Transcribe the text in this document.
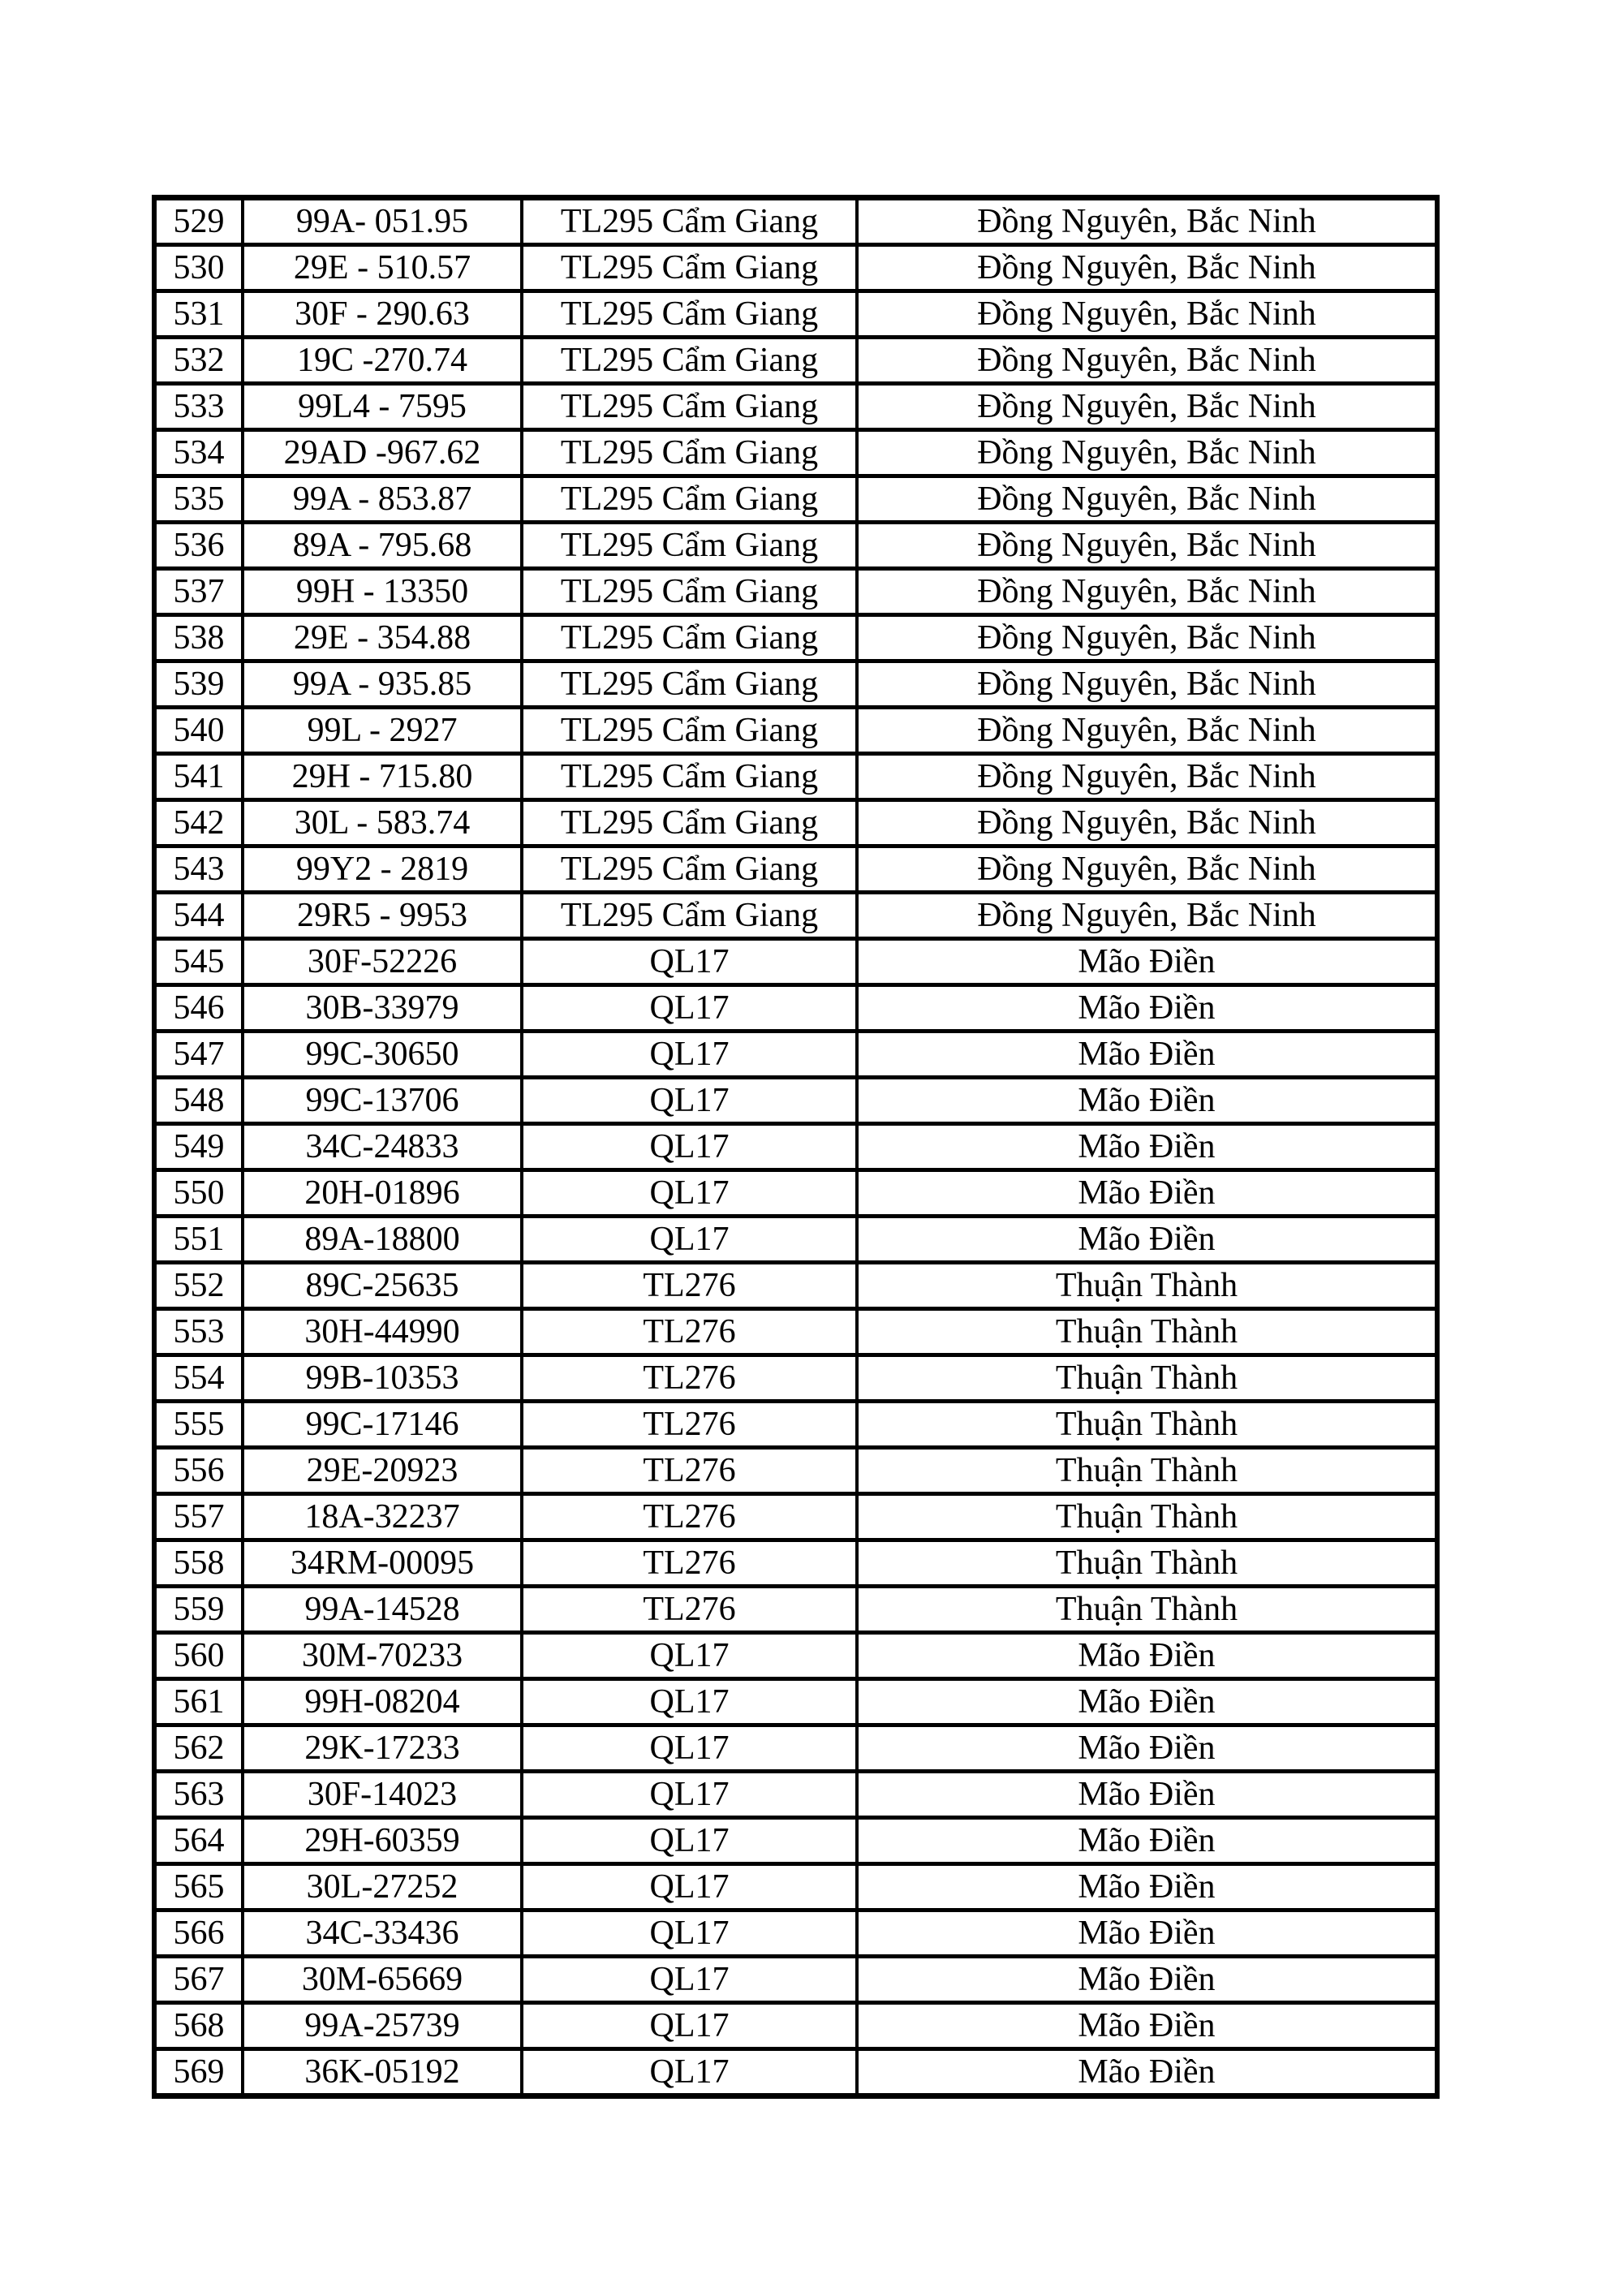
529	99A- 051.95	TL295 Cẩm Giang	Đồng Nguyên, Bắc Ninh
530	29E - 510.57	TL295 Cẩm Giang	Đồng Nguyên, Bắc Ninh
531	30F - 290.63	TL295 Cẩm Giang	Đồng Nguyên, Bắc Ninh
532	19C -270.74	TL295 Cẩm Giang	Đồng Nguyên, Bắc Ninh
533	99L4 - 7595	TL295 Cẩm Giang	Đồng Nguyên, Bắc Ninh
534	29AD -967.62	TL295 Cẩm Giang	Đồng Nguyên, Bắc Ninh
535	99A - 853.87	TL295 Cẩm Giang	Đồng Nguyên, Bắc Ninh
536	89A - 795.68	TL295 Cẩm Giang	Đồng Nguyên, Bắc Ninh
537	99H - 13350	TL295 Cẩm Giang	Đồng Nguyên, Bắc Ninh
538	29E - 354.88	TL295 Cẩm Giang	Đồng Nguyên, Bắc Ninh
539	99A - 935.85	TL295 Cẩm Giang	Đồng Nguyên, Bắc Ninh
540	99L - 2927	TL295 Cẩm Giang	Đồng Nguyên, Bắc Ninh
541	29H - 715.80	TL295 Cẩm Giang	Đồng Nguyên, Bắc Ninh
542	30L - 583.74	TL295 Cẩm Giang	Đồng Nguyên, Bắc Ninh
543	99Y2 - 2819	TL295 Cẩm Giang	Đồng Nguyên, Bắc Ninh
544	29R5 - 9953	TL295 Cẩm Giang	Đồng Nguyên, Bắc Ninh
545	30F-52226	QL17	Mão Điền
546	30B-33979	QL17	Mão Điền
547	99C-30650	QL17	Mão Điền
548	99C-13706	QL17	Mão Điền
549	34C-24833	QL17	Mão Điền
550	20H-01896	QL17	Mão Điền
551	89A-18800	QL17	Mão Điền
552	89C-25635	TL276	Thuận Thành
553	30H-44990	TL276	Thuận Thành
554	99B-10353	TL276	Thuận Thành
555	99C-17146	TL276	Thuận Thành
556	29E-20923	TL276	Thuận Thành
557	18A-32237	TL276	Thuận Thành
558	34RM-00095	TL276	Thuận Thành
559	99A-14528	TL276	Thuận Thành
560	30M-70233	QL17	Mão Điền
561	99H-08204	QL17	Mão Điền
562	29K-17233	QL17	Mão Điền
563	30F-14023	QL17	Mão Điền
564	29H-60359	QL17	Mão Điền
565	30L-27252	QL17	Mão Điền
566	34C-33436	QL17	Mão Điền
567	30M-65669	QL17	Mão Điền
568	99A-25739	QL17	Mão Điền
569	36K-05192	QL17	Mão Điền
